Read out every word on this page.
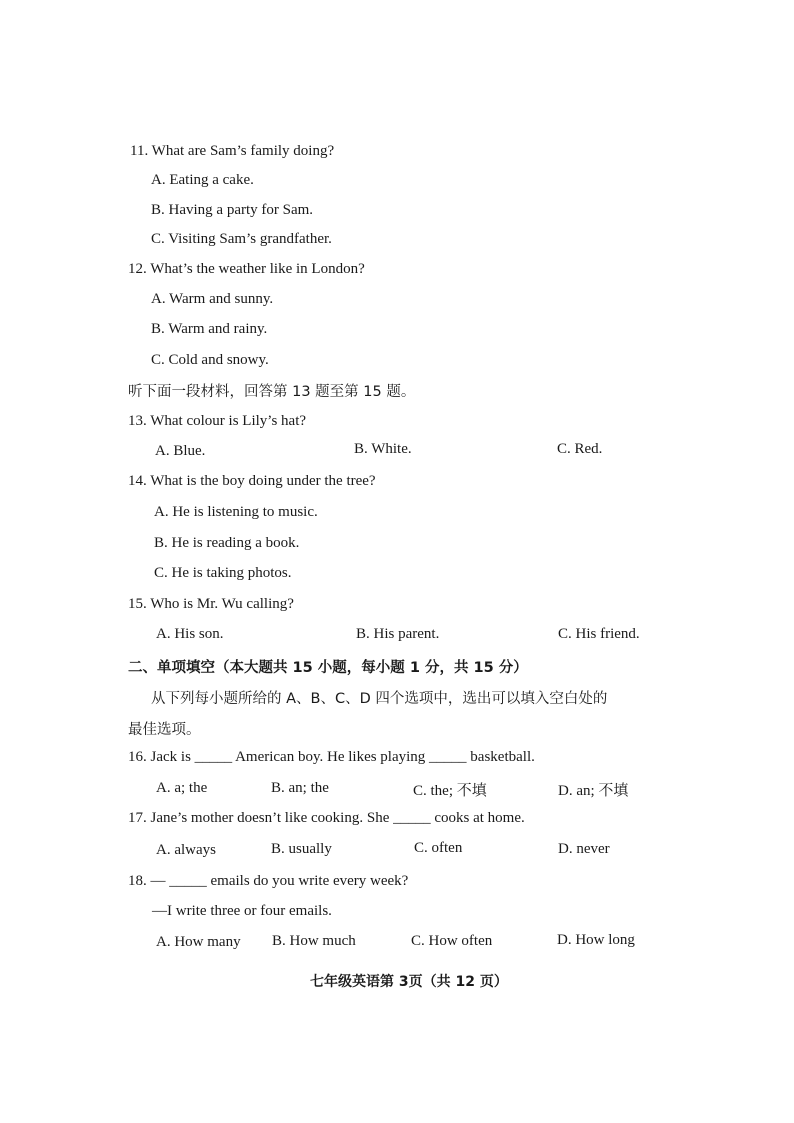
11. What are Sam’s family doing?
A. Eating a cake.
B. Having a party for Sam.
C. Visiting Sam’s grandfather.
12. What’s the weather like in London?
A. Warm and sunny.
B. Warm and rainy.
C. Cold and snowy.
听下面一段材料，回答第 13 题至第 15 题。
13. What colour is Lily’s hat?
A. Blue.	B. White.	C. Red.
14. What is the boy doing under the tree?
A. He is listening to music.
B. He is reading a book.
C. He is taking photos.
15. Who is Mr. Wu calling?
A. His son.	B. His parent.	C. His friend.
二、单项填空（本大题共 15 小题，每小题 1 分，共 15 分）
从下列每小题所给的 A、B、C、D 四个选项中，选出可以填入空白处的
最佳选项。
16. Jack is _____ American boy. He likes playing _____ basketball.
A. a; the	B. an; the	C. the; 不填	D. an; 不填
17. Jane’s mother doesn’t like cooking. She _____ cooks at home.
A. always	B. usually	C. often	D. never
18. — _____ emails do you write every week?
—I write three or four emails.
A. How many B. How much	C. How often	D. How long
七年级英语第 3页（共 12 页）
